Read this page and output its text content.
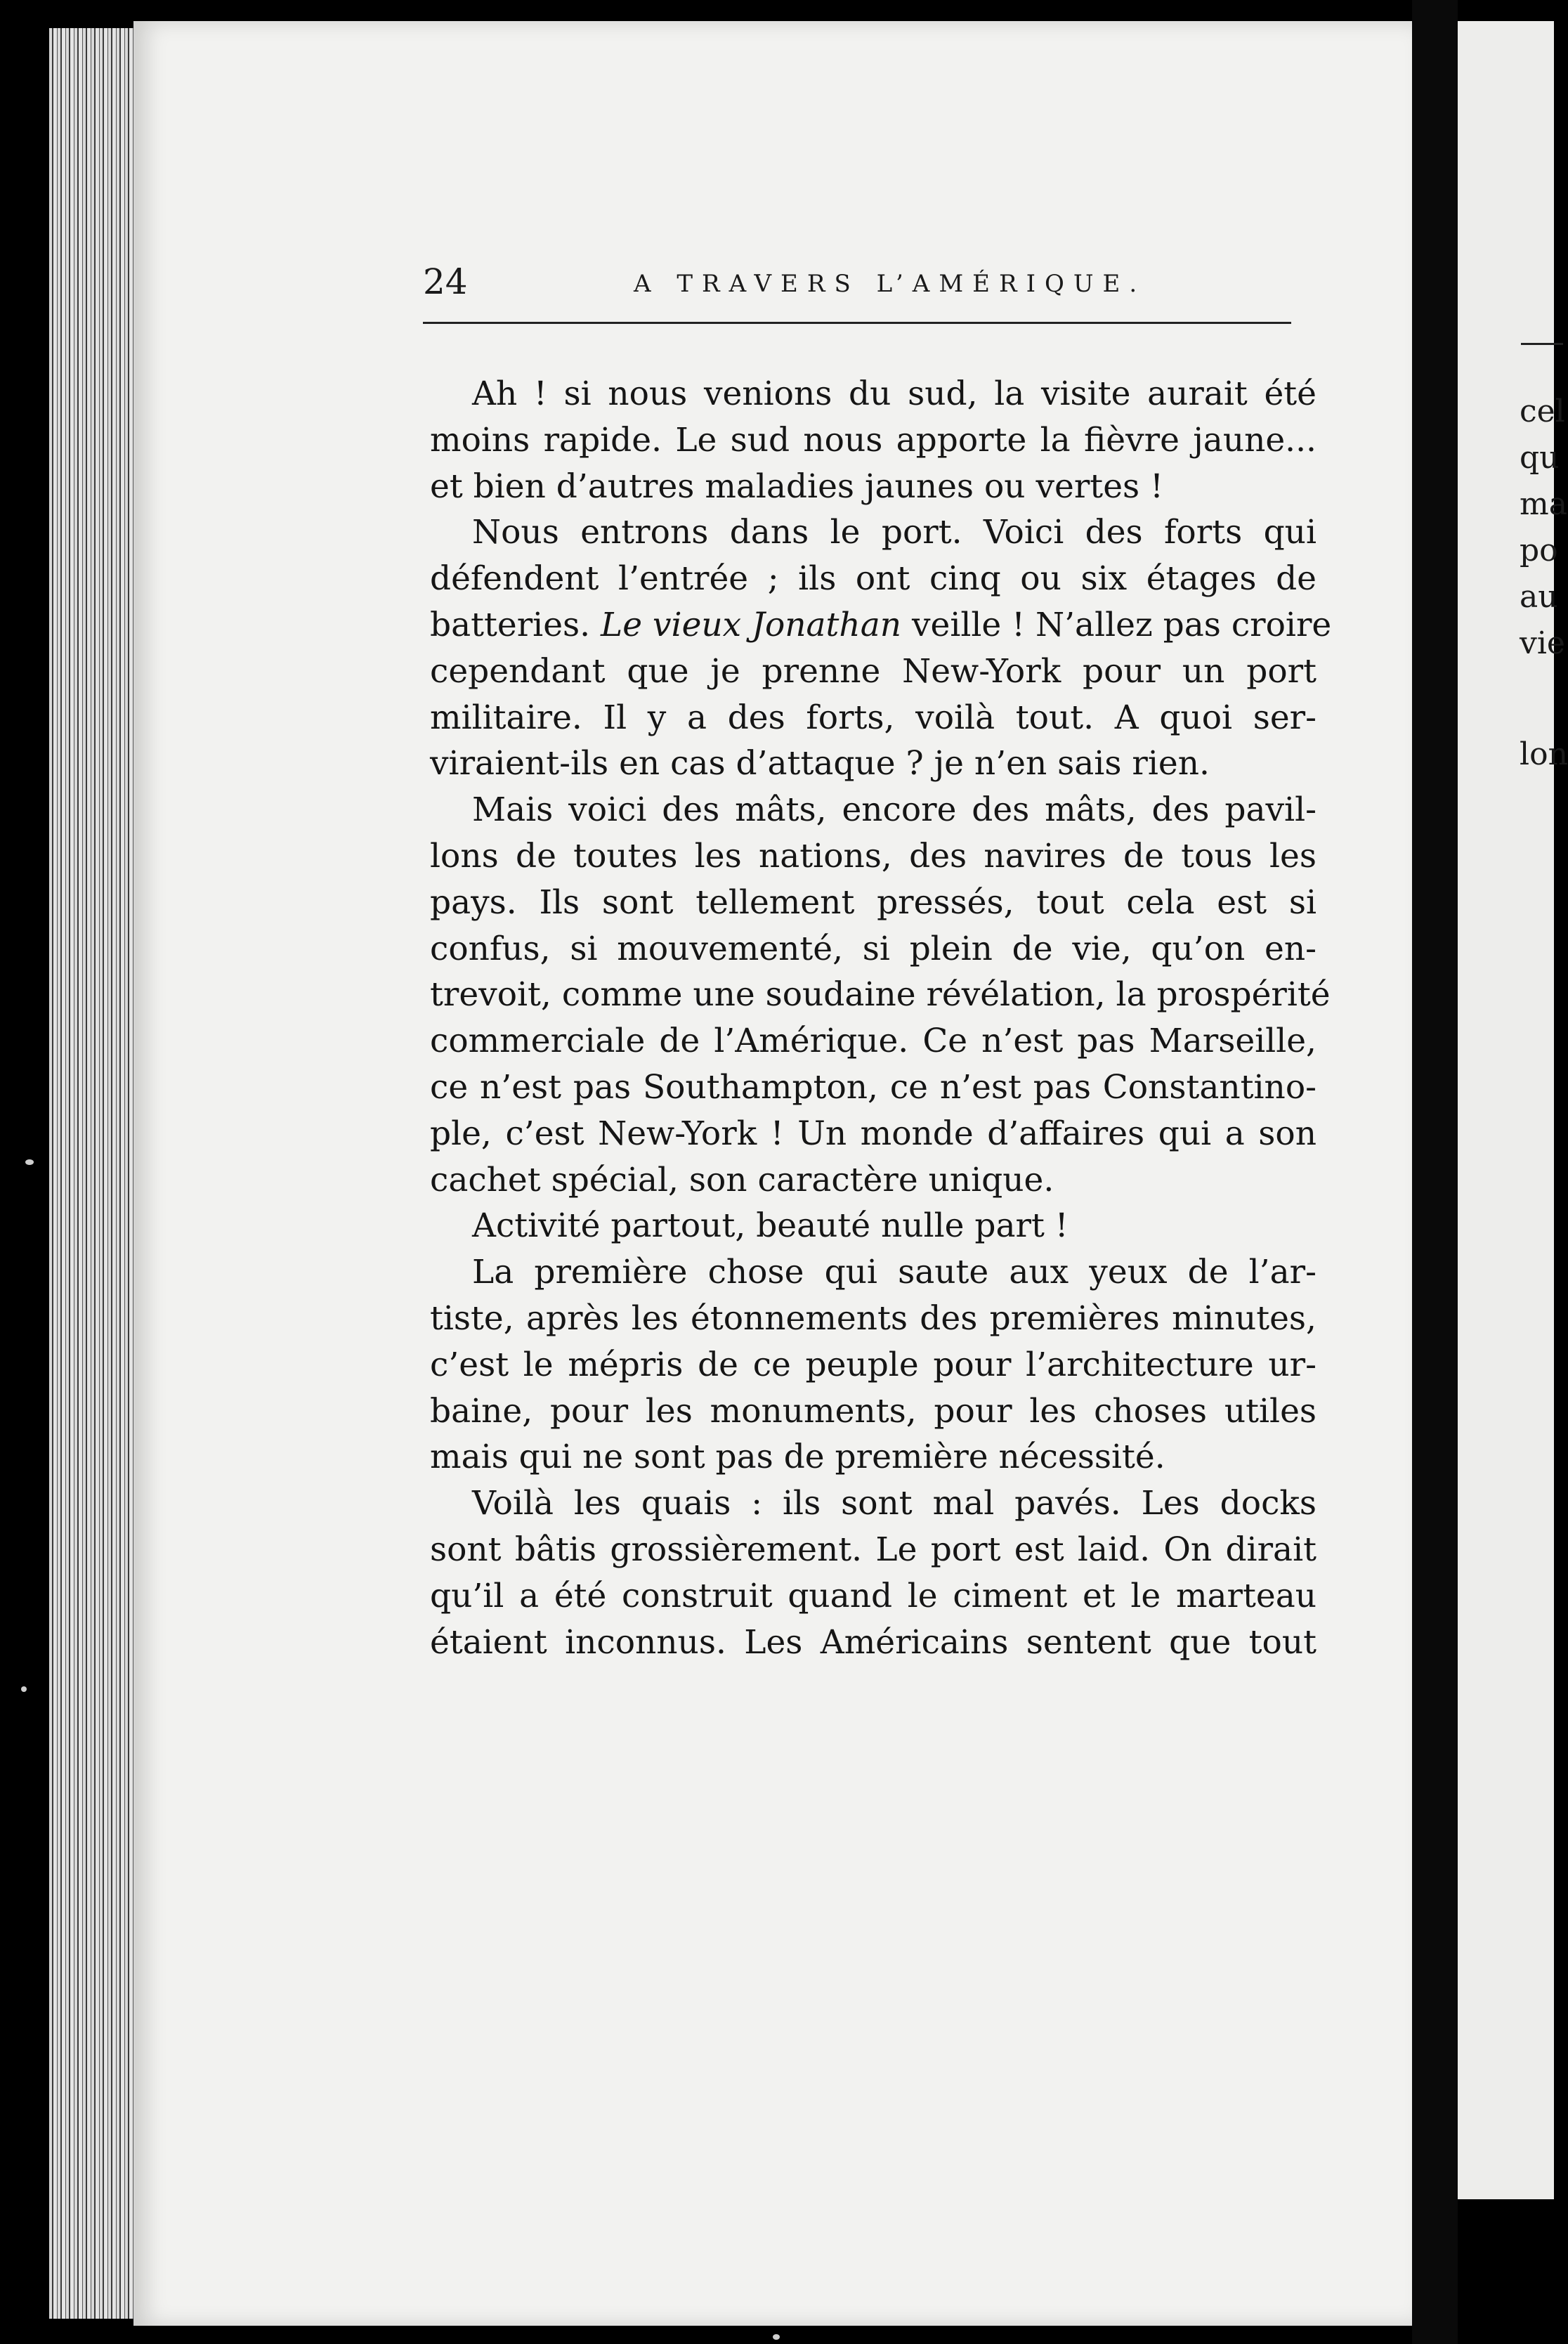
cel
qu
ma
po
au
vie
lon
24	A TRAVERS L’AMÉRIQUE.
Ah ! si nous venions du sud, la visite aurait été
moins rapide. Le sud nous apporte la fièvre jaune...
et bien d’autres maladies jaunes ou vertes !
Nous entrons dans le port. Voici des forts qui
défendent l’entrée ; ils ont cinq ou six étages de
batteries. Le vieux Jonathan veille ! N’allez pas croire
cependant que je prenne New-York pour un port
militaire. Il y a des forts, voilà tout. A quoi ser-
viraient-ils en cas d’attaque ? je n’en sais rien.
Mais voici des mâts, encore des mâts, des pavil-
lons de toutes les nations, des navires de tous les
pays. Ils sont tellement pressés, tout cela est si
confus, si mouvementé, si plein de vie, qu’on en-
trevoit, comme une soudaine révélation, la prospérité
commerciale de l’Amérique. Ce n’est pas Marseille,
ce n’est pas Southampton, ce n’est pas Constantino-
ple, c’est New-York ! Un monde d’affaires qui a son
cachet spécial, son caractère unique.
Activité partout, beauté nulle part !
La première chose qui saute aux yeux de l’ar-
tiste, après les étonnements des premières minutes,
c’est le mépris de ce peuple pour l’architecture ur-
baine, pour les monuments, pour les choses utiles
mais qui ne sont pas de première nécessité.
Voilà les quais : ils sont mal pavés. Les docks
sont bâtis grossièrement. Le port est laid. On dirait
qu’il a été construit quand le ciment et le marteau
étaient inconnus. Les Américains sentent que tout
